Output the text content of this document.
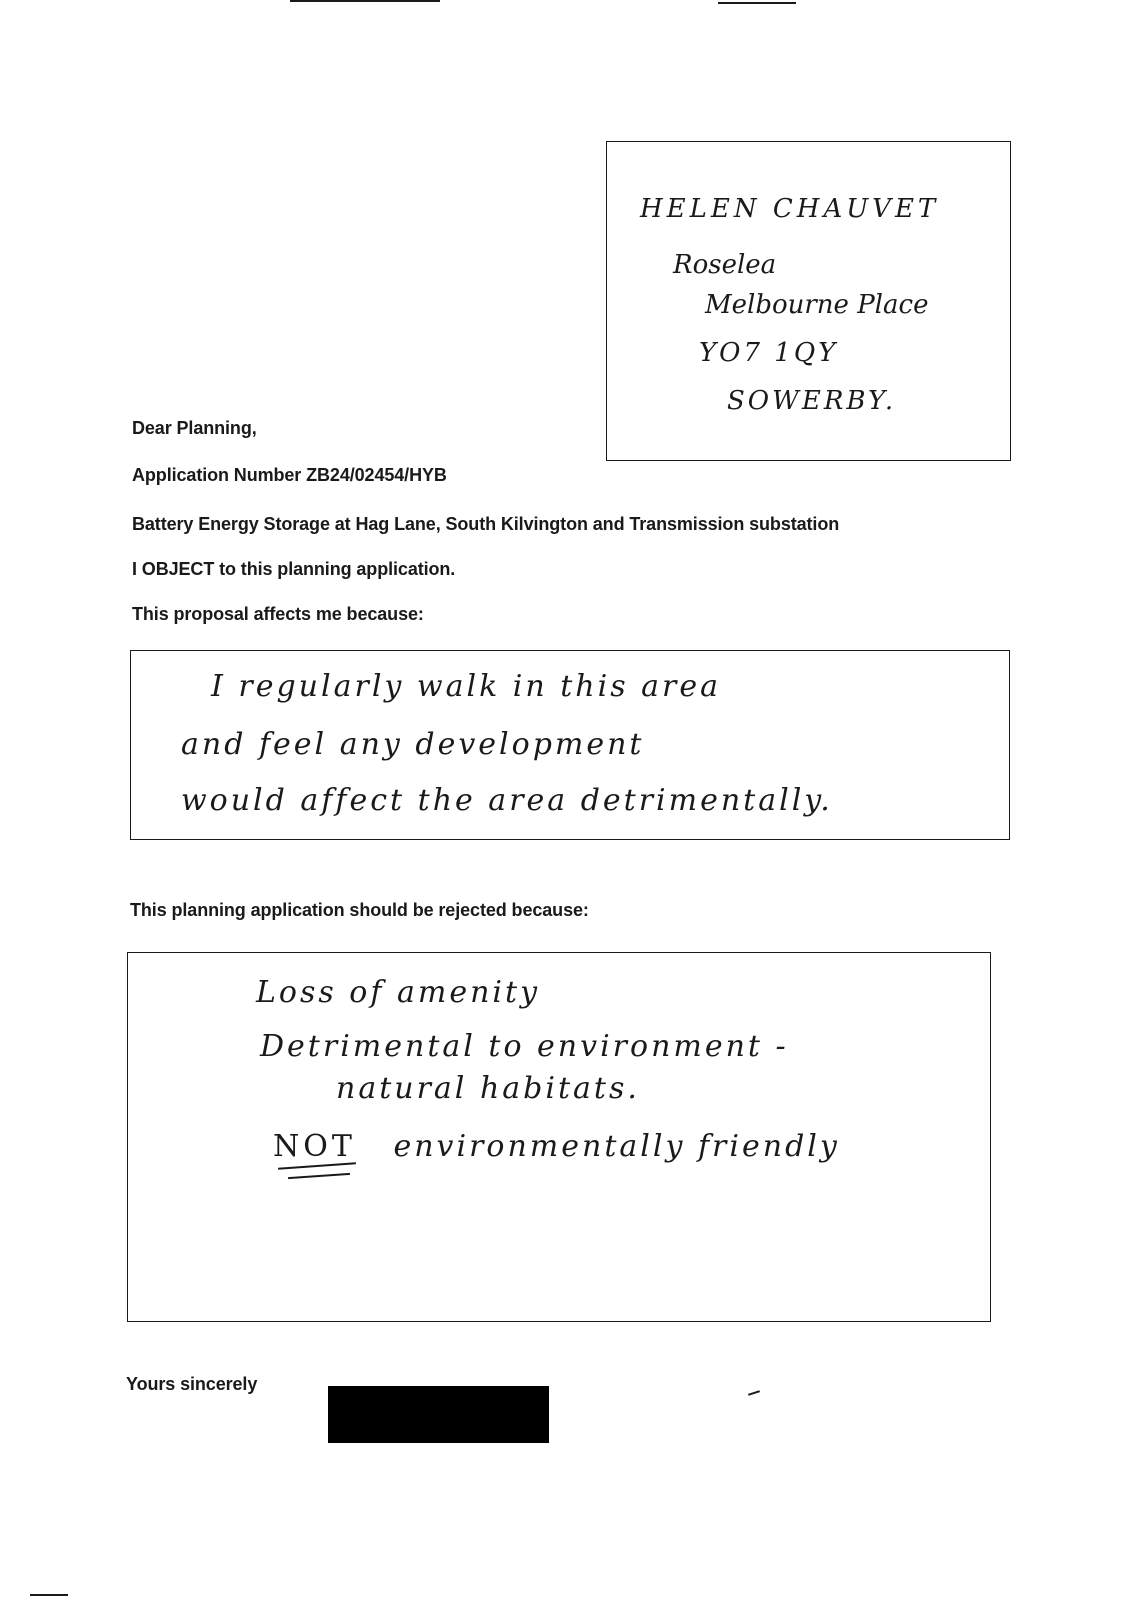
HELEN CHAUVET
Roselea
Melbourne Place
YO7 1QY
SOWERBY.
Dear Planning,
Application Number ZB24/02454/HYB
Battery Energy Storage at Hag Lane, South Kilvington and Transmission substation
I OBJECT to this planning application.
This proposal affects me because:
I regularly walk in this area
and feel any development
would affect the area detrimentally.
This planning application should be rejected because:
Loss of amenity
Detrimental to environment -
natural habitats.
NOT environmentally friendly
Yours sincerely
